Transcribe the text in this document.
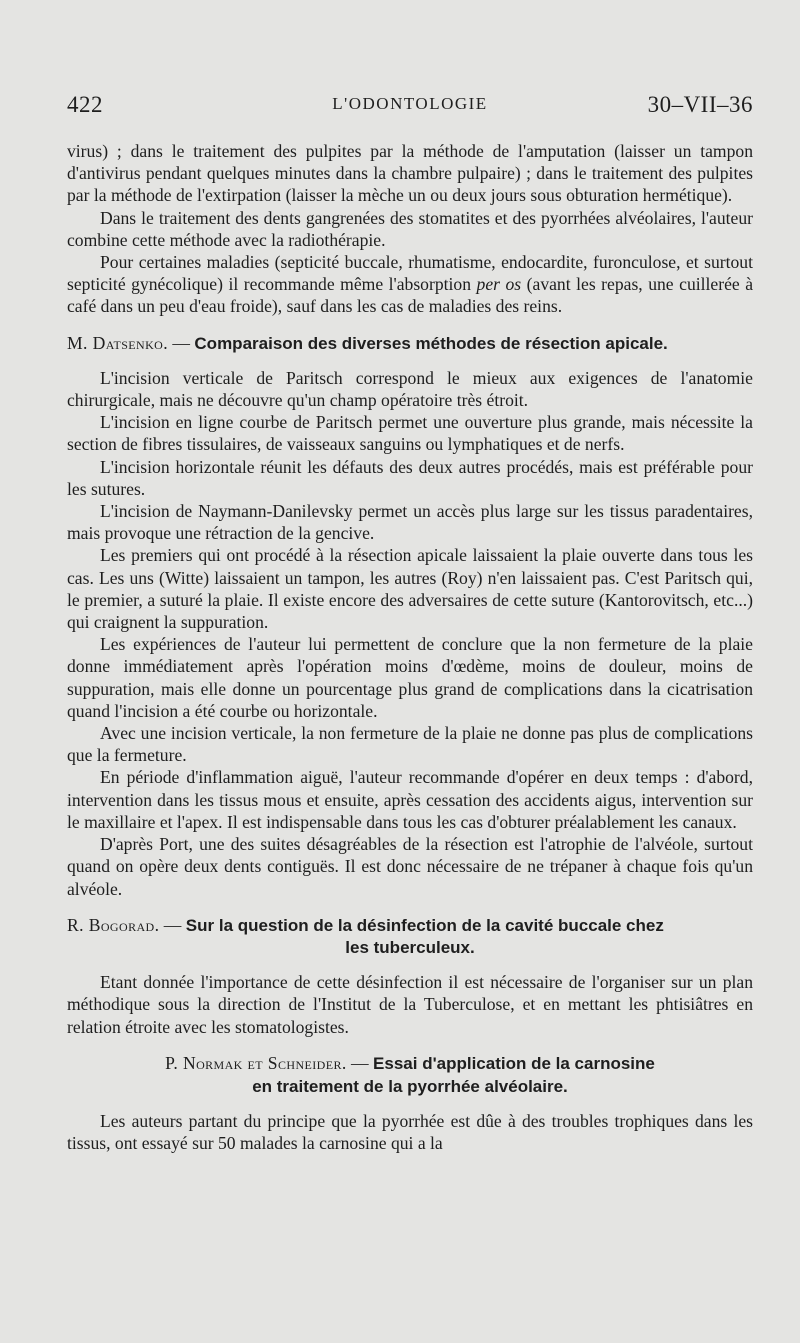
422	L'ODONTOLOGIE	30–VII–36

virus) ; dans le traitement des pulpites par la méthode de l'amputation (laisser un tampon d'antivirus pendant quelques minutes dans la chambre pulpaire) ; dans le traitement des pulpites par la méthode de l'extirpation (laisser la mèche un ou deux jours sous obturation hermétique).

Dans le traitement des dents gangrenées des stomatites et des pyorrhées alvéolaires, l'auteur combine cette méthode avec la radiothérapie.

Pour certaines maladies (septicité buccale, rhumatisme, endocardite, furonculose, et surtout septicité gynécolique) il recommande même l'absorption per os (avant les repas, une cuillerée à café dans un peu d'eau froide), sauf dans les cas de maladies des reins.

M. Datsenko. — Comparaison des diverses méthodes de résection apicale.

L'incision verticale de Paritsch correspond le mieux aux exigences de l'anatomie chirurgicale, mais ne découvre qu'un champ opératoire très étroit.

L'incision en ligne courbe de Paritsch permet une ouverture plus grande, mais nécessite la section de fibres tissulaires, de vaisseaux sanguins ou lymphatiques et de nerfs.

L'incision horizontale réunit les défauts des deux autres procédés, mais est préférable pour les sutures.

L'incision de Naymann-Danilevsky permet un accès plus large sur les tissus paradentaires, mais provoque une rétraction de la gencive.

Les premiers qui ont procédé à la résection apicale laissaient la plaie ouverte dans tous les cas. Les uns (Witte) laissaient un tampon, les autres (Roy) n'en laissaient pas. C'est Paritsch qui, le premier, a suturé la plaie. Il existe encore des adversaires de cette suture (Kantorovitsch, etc...) qui craignent la suppuration.

Les expériences de l'auteur lui permettent de conclure que la non fermeture de la plaie donne immédiatement après l'opération moins d'œdème, moins de douleur, moins de suppuration, mais elle donne un pourcentage plus grand de complications dans la cicatrisation quand l'incision a été courbe ou horizontale.

Avec une incision verticale, la non fermeture de la plaie ne donne pas plus de complications que la fermeture.

En période d'inflammation aiguë, l'auteur recommande d'opérer en deux temps : d'abord, intervention dans les tissus mous et ensuite, après cessation des accidents aigus, intervention sur le maxillaire et l'apex. Il est indispensable dans tous les cas d'obturer préalablement les canaux.

D'après Port, une des suites désagréables de la résection est l'atrophie de l'alvéole, surtout quand on opère deux dents contiguës. Il est donc nécessaire de ne trépaner à chaque fois qu'un alvéole.

R. Bogorad. — Sur la question de la désinfection de la cavité buccale chez

les tuberculeux.

Etant donnée l'importance de cette désinfection il est nécessaire de l'organiser sur un plan méthodique sous la direction de l'Institut de la Tuberculose, et en mettant les phtisiâtres en relation étroite avec les stomatologistes.

P. Normak et Schneider. — Essai d'application de la carnosine
en traitement de la pyorrhée alvéolaire.

Les auteurs partant du principe que la pyorrhée est dûe à des troubles trophiques dans les tissus, ont essayé sur 50 malades la carnosine qui a la
